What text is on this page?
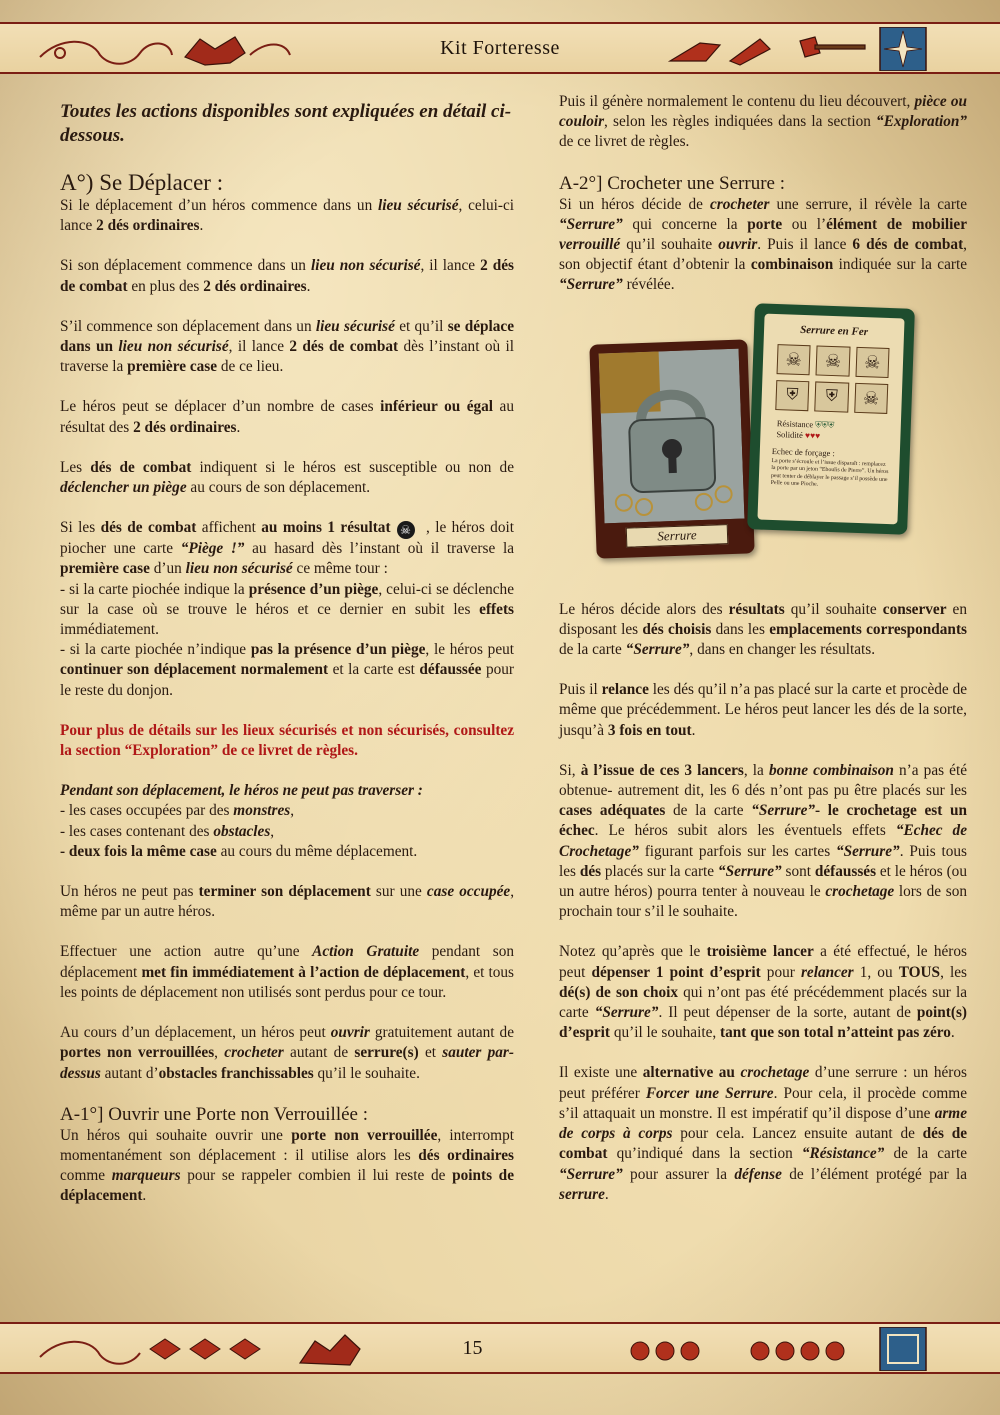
Kit Forteresse

Toutes les actions disponibles sont expliquées en détail ci-dessous.

A°) Se Déplacer :

Si le déplacement d’un héros commence dans un lieu sécurisé, celui-ci lance 2 dés ordinaires.

Si son déplacement commence dans un lieu non sécurisé, il lance 2 dés de combat en plus des 2 dés ordinaires.

S’il commence son déplacement dans un lieu sécurisé et qu’il se déplace dans un lieu non sécurisé, il lance 2 dés de combat dès l’instant où il traverse la première case de ce lieu.

Le héros peut se déplacer d’un nombre de cases inférieur ou égal au résultat des 2 dés ordinaires.

Les dés de combat indiquent si le héros est susceptible ou non de déclencher un piège au cours de son déplacement.

Si les dés de combat affichent au moins 1 résultat ☠ , le héros doit piocher une carte “Piège !” au hasard dès l’instant où il traverse la première case d’un lieu non sécurisé ce même tour :

- si la carte piochée indique la présence d’un piège, celui-ci se déclenche sur la case où se trouve le héros et ce dernier en subit les effets immédiatement.

- si la carte piochée n’indique pas la présence d’un piège, le héros peut continuer son déplacement normalement et la carte est défaussée pour le reste du donjon.

Pour plus de détails sur les lieux sécurisés et non sécurisés, consultez la section “Exploration” de ce livret de règles.

Pendant son déplacement, le héros ne peut pas traverser :

- les cases occupées par des monstres,

- les cases contenant des obstacles,

- deux fois la même case au cours du même déplacement.

Un héros ne peut pas terminer son déplacement sur une case occupée, même par un autre héros.

Effectuer une action autre qu’une Action Gratuite pendant son déplacement met fin immédiatement à l’action de déplacement, et tous les points de déplacement non utilisés sont perdus pour ce tour.

Au cours d’un déplacement, un héros peut ouvrir gratuitement autant de portes non verrouillées, crocheter autant de serrure(s) et sauter par-dessus autant d’obstacles franchissables qu’il le souhaite.

A-1°] Ouvrir une Porte non Verrouillée :

Un héros qui souhaite ouvrir une porte non verrouillée, interrompt momentanément son déplacement : il utilise alors les dés ordinaires comme marqueurs pour se rappeler combien il lui reste de points de déplacement.

Puis il génère normalement le contenu du lieu découvert, pièce ou couloir, selon les règles indiquées dans la section “Exploration” de ce livret de règles.

A-2°] Crocheter une Serrure :

Si un héros décide de crocheter une serrure, il révèle la carte “Serrure” qui concerne la porte ou l’élément de mobilier verrouillé qu’il souhaite ouvrir. Puis il lance 6 dés de combat, son objectif étant d’obtenir la combinaison indiquée sur la carte “Serrure” révélée.

Serrure
Serrure en Fer
☠	☠	☠
⛨	⛨	☠
Résistance ⛨⛨⛨
Solidité ♥♥♥
Echec de forçage :
La porte s’écroule et l’issue disparaît : remplacez la porte par un jeton “Eboulis de Pierre”. Un héros peut tenter de déblayer le passage s’il possède une Pelle ou une Pioche.

Le héros décide alors des résultats qu’il souhaite conserver en disposant les dés choisis dans les emplacements correspondants de la carte “Serrure”, dans en changer les résultats.

Puis il relance les dés qu’il n’a pas placé sur la carte et procède de même que précédemment. Le héros peut lancer les dés de la sorte, jusqu’à 3 fois en tout.

Si, à l’issue de ces 3 lancers, la bonne combinaison n’a pas été obtenue- autrement dit, les 6 dés n’ont pas pu être placés sur les cases adéquates de la carte “Serrure”- le crochetage est un échec. Le héros subit alors les éventuels effets “Echec de Crochetage” figurant parfois sur les cartes “Serrure”. Puis tous les dés placés sur la carte “Serrure” sont défaussés et le héros (ou un autre héros) pourra tenter à nouveau le crochetage lors de son prochain tour s’il le souhaite.

Notez qu’après que le troisième lancer a été effectué, le héros peut dépenser 1 point d’esprit pour relancer 1, ou TOUS, les dé(s) de son choix qui n’ont pas été précédemment placés sur la carte “Serrure”. Il peut dépenser de la sorte, autant de point(s) d’esprit qu’il le souhaite, tant que son total n’atteint pas zéro.

Il existe une alternative au crochetage d’une serrure : un héros peut préférer Forcer une Serrure. Pour cela, il procède comme s’il attaquait un monstre. Il est impératif qu’il dispose d’une arme de corps à corps pour cela. Lancez ensuite autant de dés de combat qu’indiqué dans la section “Résistance” de la carte “Serrure” pour assurer la défense de l’élément protégé par la serrure.

15
